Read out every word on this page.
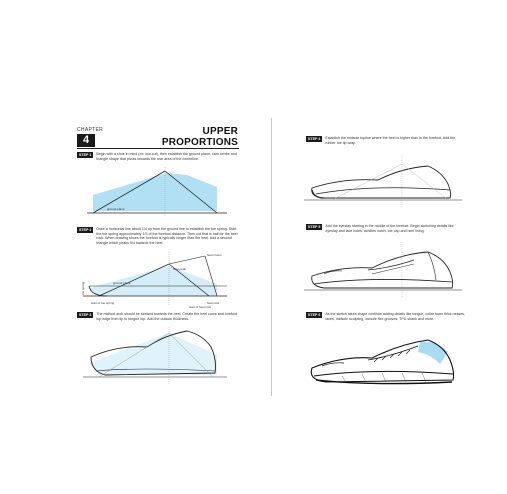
CHAPTER
4
UPPER
PROPORTIONS
STEP 1	Begin with a shoe in mind (ex: low-cut), then establish the ground plane, cam centre and triangle shape that pivots towards the rear area of the centreline.
LAST
ground plane
STEP 2	Draw a horizontal line about 1/4 up from the ground line to establish the toe spring. Start the toe spring approximately 1/3 of the forefoot distance. Then cut that in half for the heel rock. When drawing shoes the forefoot is typically longer than the heel. Add a second triangle which peaks 9/4 towards the heel.
heel peak
heel crown
ground plane
toe spring
start of toe spring	heel rock
start of heel rock
STEP 3	The midfoot arch should be skewed towards the heel. Create the heel curve and forefoot top edge from tip to tongue top. Add the outsole thickness.
STEP 4	Establish the midsole topline where the heel is higher than in the forefoot. Add the rubber toe tip wrap.
STEP 5	Add the eyestay starting in the middle of the forefoot. Begin sketching details like eyestay and lace holes, achilles notch, toe cap and heel lining.
STEP 6	As the sketch takes shape continue adding details like tongue, collar foam thick-nesses, laces, midsole sculpting, outsole flex grooves, TPU shank and more.
